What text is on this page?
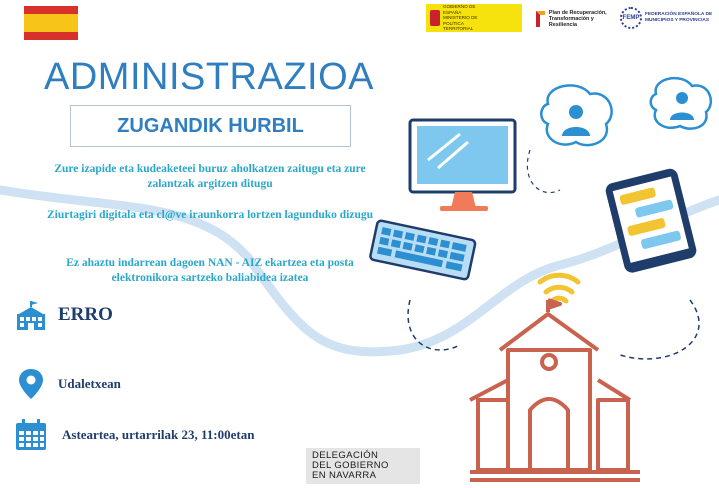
GOBIERNO DE ESPAÑA MINISTERIO DE POLÍTICA TERRITORIAL
Plan de Recuperación, Transformación y Resiliencia
FEMP
FEDERACIÓN ESPAÑOLA DE MUNICIPIOS Y PROVINCIAS
ADMINISTRAZIOA
ZUGANDIK HURBIL
Zure izapide eta kudeaketeei buruz aholkatzen zaitugu eta zure zalantzak argitzen ditugu
Ziurtagiri digitala eta cl@ve iraunkorra lortzen lagunduko dizugu
Ez ahaztu indarrean dagoen NAN - AIZ ekartzea eta posta elektronikora sartzeko baliabidea izatea
ERRO
Udaletxean
Asteartea, urtarrilak 23, 11:00etan
DELEGACIÓN
DEL GOBIERNO
EN NAVARRA
